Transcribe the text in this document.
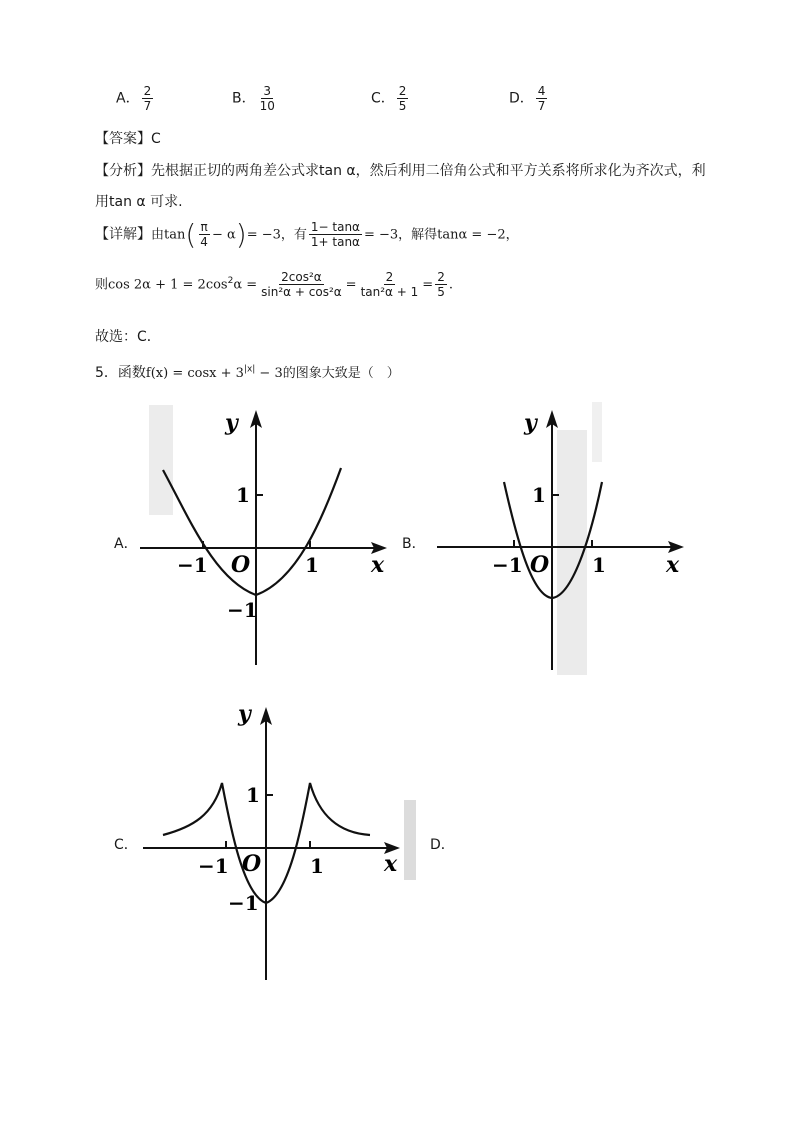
A． $\frac{2}{7}$	B． $\frac{3}{10}$	C． $\frac{2}{5}$	D． $\frac{4}{7}$
【答案】C
【分析】先根据正切的两角差公式求tan α，然后利用二倍角公式和平方关系将所求化为齐次式，利
用tan α 可求.
【详解】由$\tan( \frac{\pi}{4} - \alpha)= -3$，有 $\frac{1- \tan\alpha}{1+ \tan\alpha} = -3$，解得tanα = −2，
则$\cos 2\alpha + 1 = 2\cos^2\alpha = \frac{\text{2cos²α}}{\text{sin²α + cos²α}} = \frac{2}{\text{tan²α + 1}} = \frac{2}{5}$ .
故选：C．
5．函数$f(x) = \cos x + 3^{|x|} - 3$的图象大致是（　）
A．
y
x
1
−1 O	1
−1
B．
y
x
1
−1 O 1
C．
y
x
1
−1 O 1
−1
D．
